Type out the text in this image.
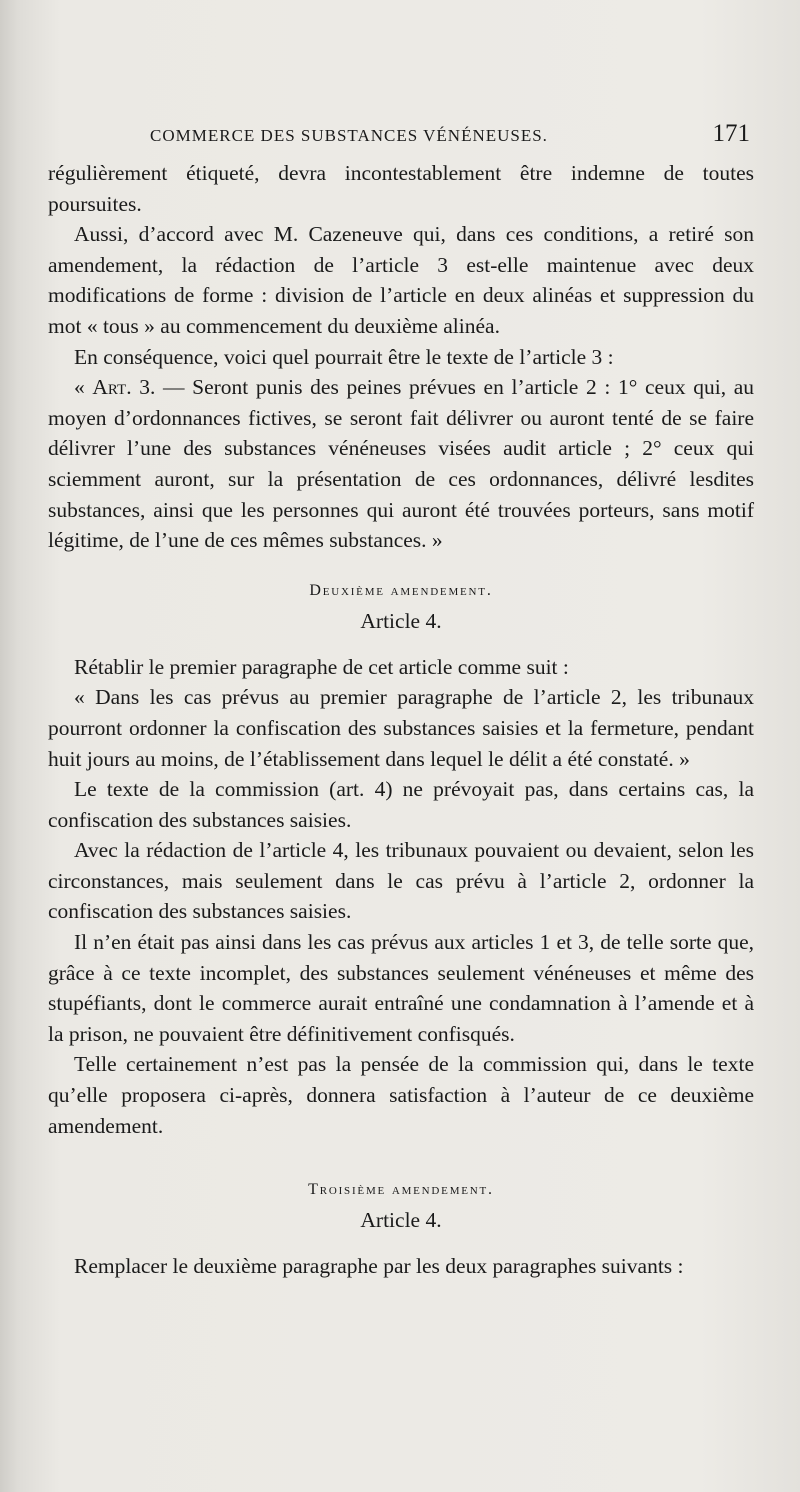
COMMERCE DES SUBSTANCES VÉNÉNEUSES.	171

régulièrement étiqueté, devra incontestablement être indemne de toutes poursuites.

Aussi, d’accord avec M. Cazeneuve qui, dans ces conditions, a retiré son amendement, la rédaction de l’article 3 est-elle maintenue avec deux modifications de forme : division de l’article en deux alinéas et suppression du mot « tous » au commencement du deuxième alinéa.

En conséquence, voici quel pourrait être le texte de l’article 3 :

« Art. 3. — Seront punis des peines prévues en l’article 2 : 1° ceux qui, au moyen d’ordonnances fictives, se seront fait délivrer ou auront tenté de se faire délivrer l’une des substances vénéneuses visées audit article ; 2° ceux qui sciemment auront, sur la présentation de ces ordonnances, délivré lesdites substances, ainsi que les personnes qui auront été trouvées porteurs, sans motif légitime, de l’une de ces mêmes substances. »

Deuxième amendement.
Article 4.

Rétablir le premier paragraphe de cet article comme suit :

« Dans les cas prévus au premier paragraphe de l’article 2, les tribunaux pourront ordonner la confiscation des substances saisies et la fermeture, pendant huit jours au moins, de l’établissement dans lequel le délit a été constaté. »

Le texte de la commission (art. 4) ne prévoyait pas, dans certains cas, la confiscation des substances saisies.

Avec la rédaction de l’article 4, les tribunaux pouvaient ou devaient, selon les circonstances, mais seulement dans le cas prévu à l’article 2, ordonner la confiscation des substances saisies.

Il n’en était pas ainsi dans les cas prévus aux articles 1 et 3, de telle sorte que, grâce à ce texte incomplet, des substances seulement vénéneuses et même des stupéfiants, dont le commerce aurait entraîné une condamnation à l’amende et à la prison, ne pouvaient être définitivement confisqués.

Telle certainement n’est pas la pensée de la commission qui, dans le texte qu’elle proposera ci-après, donnera satisfaction à l’auteur de ce deuxième amendement.

Troisième amendement.
Article 4.

Remplacer le deuxième paragraphe par les deux paragraphes suivants :
